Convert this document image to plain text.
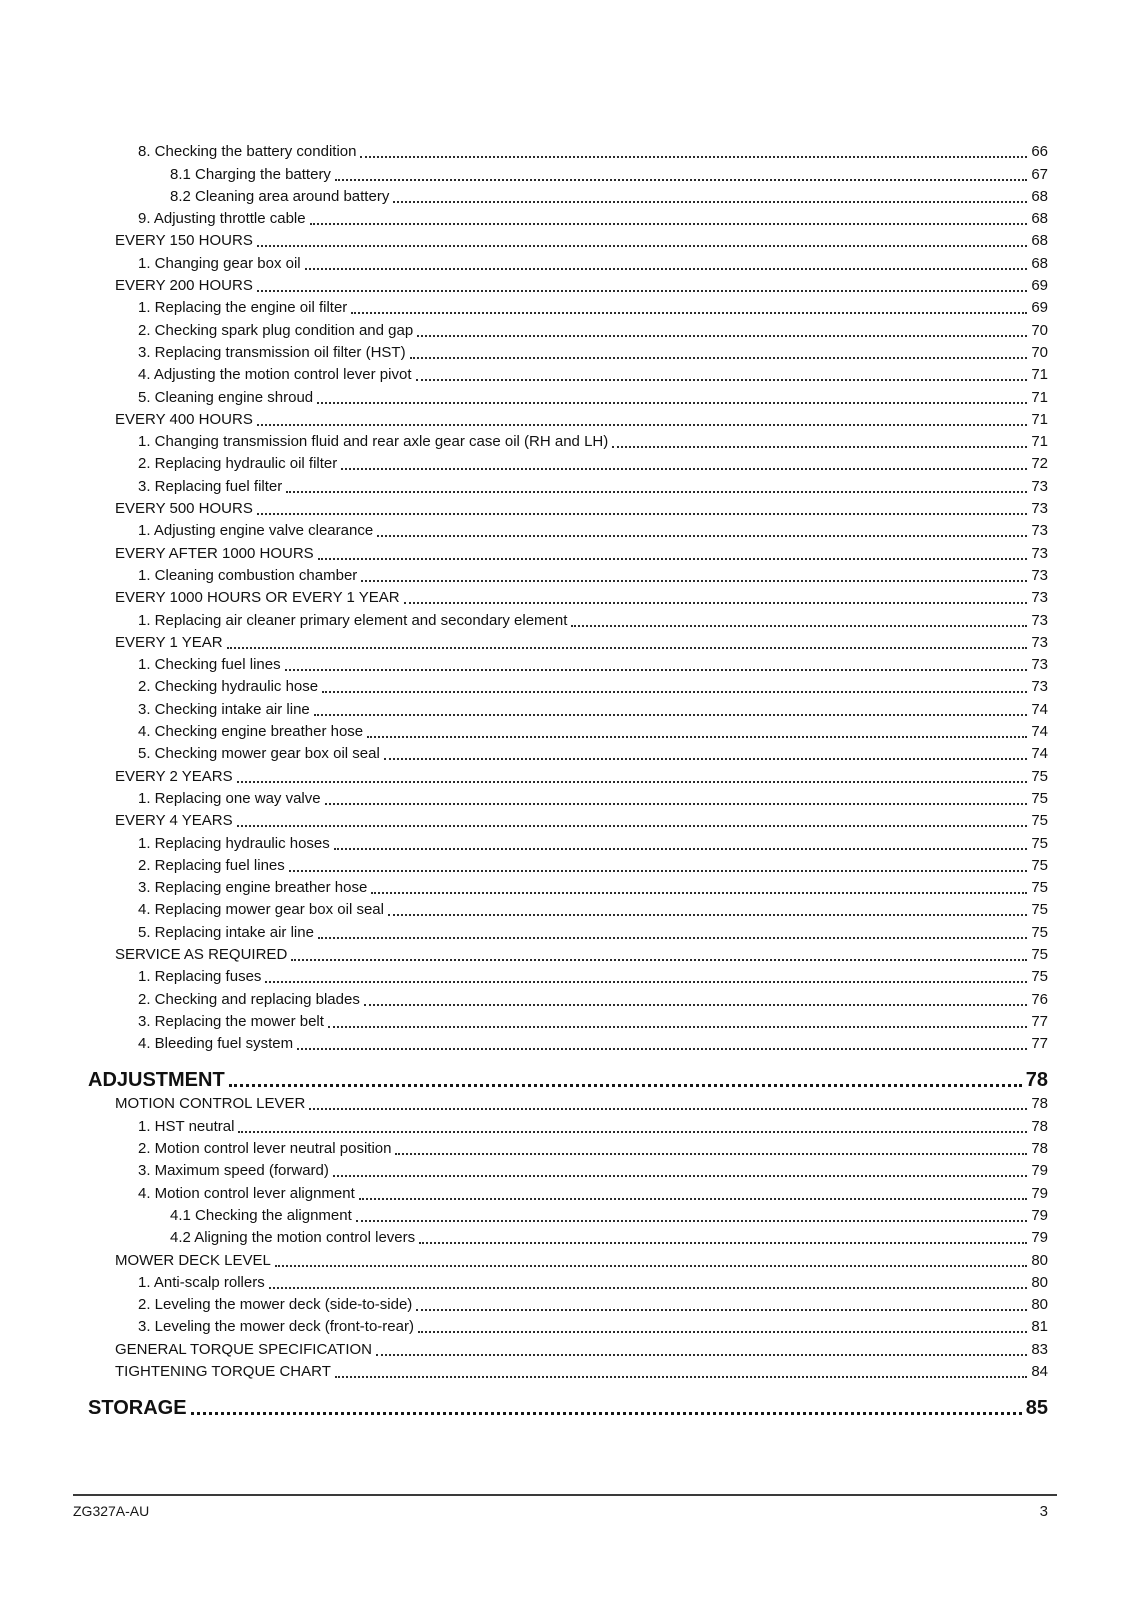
8. Checking the battery condition	66
8.1 Charging the battery	67
8.2 Cleaning area around battery	68
9. Adjusting throttle cable	68
EVERY 150 HOURS	68
1. Changing gear box oil	68
EVERY 200 HOURS	69
1. Replacing the engine oil filter	69
2. Checking spark plug condition and gap	70
3. Replacing transmission oil filter (HST)	70
4. Adjusting the motion control lever pivot	71
5. Cleaning engine shroud	71
EVERY 400 HOURS	71
1. Changing transmission fluid and rear axle gear case oil (RH and LH)	71
2. Replacing hydraulic oil filter	72
3. Replacing fuel filter	73
EVERY 500 HOURS	73
1. Adjusting engine valve clearance	73
EVERY AFTER 1000 HOURS	73
1. Cleaning combustion chamber	73
EVERY 1000 HOURS OR EVERY 1 YEAR	73
1. Replacing air cleaner primary element and secondary element	73
EVERY 1 YEAR	73
1. Checking fuel lines	73
2. Checking hydraulic hose	73
3. Checking intake air line	74
4. Checking engine breather hose	74
5. Checking mower gear box oil seal	74
EVERY 2 YEARS	75
1. Replacing one way valve	75
EVERY 4 YEARS	75
1. Replacing hydraulic hoses	75
2. Replacing fuel lines	75
3. Replacing engine breather hose	75
4. Replacing mower gear box oil seal	75
5. Replacing intake air line	75
SERVICE AS REQUIRED	75
1. Replacing fuses	75
2. Checking and replacing blades	76
3. Replacing the mower belt	77
4. Bleeding fuel system	77
ADJUSTMENT	78
MOTION CONTROL LEVER	78
1. HST neutral	78
2. Motion control lever neutral position	78
3. Maximum speed (forward)	79
4. Motion control lever alignment	79
4.1 Checking the alignment	79
4.2 Aligning the motion control levers	79
MOWER DECK LEVEL	80
1. Anti-scalp rollers	80
2. Leveling the mower deck (side-to-side)	80
3. Leveling the mower deck (front-to-rear)	81
GENERAL TORQUE SPECIFICATION	83
TIGHTENING TORQUE CHART	84
STORAGE	85
ZG327A-AU	3
